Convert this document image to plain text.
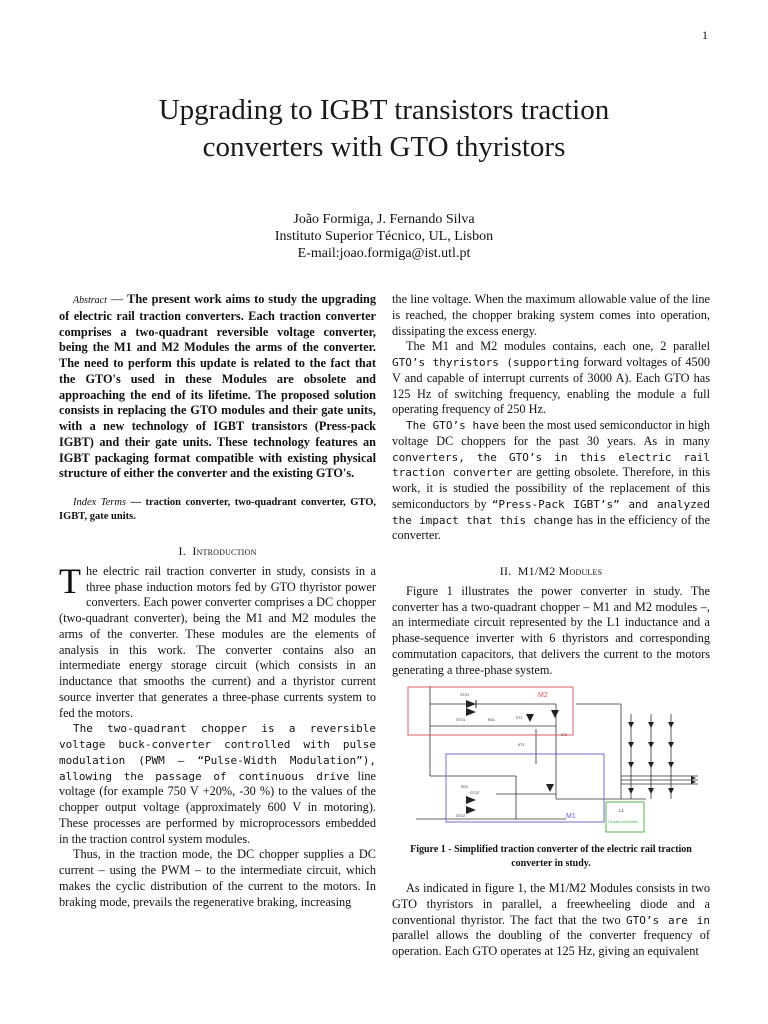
1
Upgrading to IGBT transistors traction
converters with GTO thyristors
João Formiga, J. Fernando Silva
Instituto Superior Técnico, UL, Lisbon
E-mail:joao.formiga@ist.utl.pt

Abstract — The present work aims to study the upgrading of electric rail traction converters. Each traction converter comprises a two-quadrant reversible voltage converter, being the M1 and M2 Modules the arms of the converter. The need to perform this update is related to the fact that the GTO's used in these Modules are obsolete and approaching the end of its lifetime. The proposed solution consists in replacing the GTO modules and their gate units, with a new technology of IGBT transistors (Press-pack IGBT) and their gate units. These technology features an IGBT packaging format compatible with existing physical structure of either the converter and the existing GTO's.

Index Terms — traction converter, two-quadrant converter, GTO, IGBT, gate units.

I. Introduction

The electric rail traction converter in study, consists in a three phase induction motors fed by GTO thyristor power converters. Each power converter comprises a DC chopper (two-quadrant converter), being the M1 and M2 modules the arms of the converter. These modules are the elements of analysis in this work. The converter contains also an intermediate energy storage circuit (which consists in an inductance that smooths the current) and a thyristor current source inverter that generates a three-phase currents system to fed the motors.

The two-quadrant chopper is a reversible voltage buck-converter controlled with pulse modulation (PWM – “Pulse-Width Modulation”), allowing the passage of continuous drive line voltage (for example 750 V +20%, -30 %) to the values of the chopper output voltage (approximately 600 V in motoring). These processes are performed by microprocessors embedded in the traction control system modules.

Thus, in the traction mode, the DC chopper supplies a DC current – using the PWM – to the intermediate circuit, which makes the cyclic distribution of the current to the motors. In braking mode, prevails the regenerative braking, increasing

the line voltage. When the maximum allowable value of the line is reached, the chopper braking system comes into operation, dissipating the excess energy.

The M1 and M2 modules contains, each one, 2 parallel GTO’s thyristors (supporting forward voltages of 4500 V and capable of interrupt currents of 3000 A). Each GTO has 125 Hz of switching frequency, enabling the module a full operating frequency of 250 Hz.

The GTO’s have been the most used semiconductor in high voltage DC choppers for the past 30 years. As in many converters, the GTO’s in this electric rail traction converter are getting obsolete. Therefore, in this work, it is studied the possibility of the replacement of this semiconductors by “Press-Pack IGBT’s” and analyzed the impact that this change has in the efficiency of the converter.

II. M1/M2 Modules

Figure 1 illustrates the power converter in study. The converter has a two-quadrant chopper – M1 and M2 modules –, an intermediate circuit represented by the L1 inductance and a phase-sequence inverter with 6 thyristors and corresponding commutation capacitors, that delivers the current to the motors generating a three-phase system.

M2
M1
L1
Circuito Intermédio
GTO1'
GTO1	RD1	KT1
KT2
KT3
RD2
GTO2'
GTO2

Figure 1 - Simplified traction converter of the electric rail traction converter in study.

As indicated in figure 1, the M1/M2 Modules consists in two GTO thyristors in parallel, a freewheeling diode and a conventional thyristor. The fact that the two GTO’s are in parallel allows the doubling of the converter frequency of operation. Each GTO operates at 125 Hz, giving an equivalent
